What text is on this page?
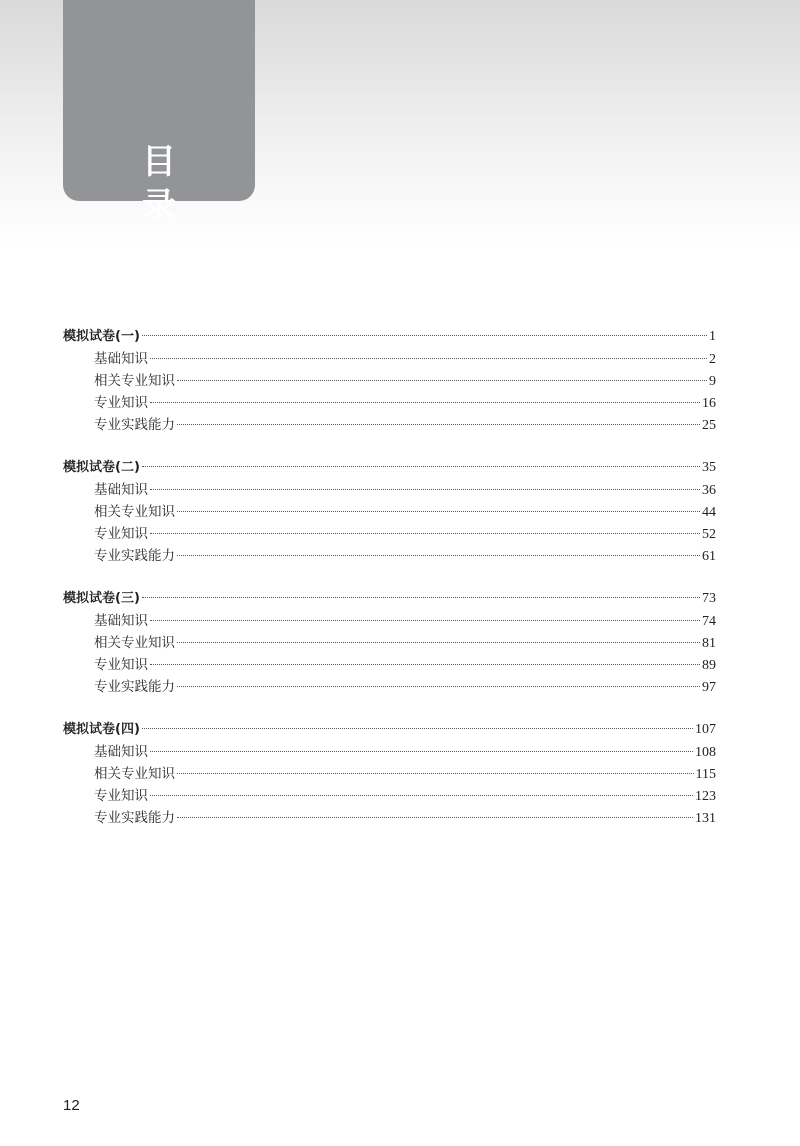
目 录
模拟试卷(一)	1
基础知识	2
相关专业知识	9
专业知识	16
专业实践能力	25
模拟试卷(二)	35
基础知识	36
相关专业知识	44
专业知识	52
专业实践能力	61
模拟试卷(三)	73
基础知识	74
相关专业知识	81
专业知识	89
专业实践能力	97
模拟试卷(四)	107
基础知识	108
相关专业知识	115
专业知识	123
专业实践能力	131
12
